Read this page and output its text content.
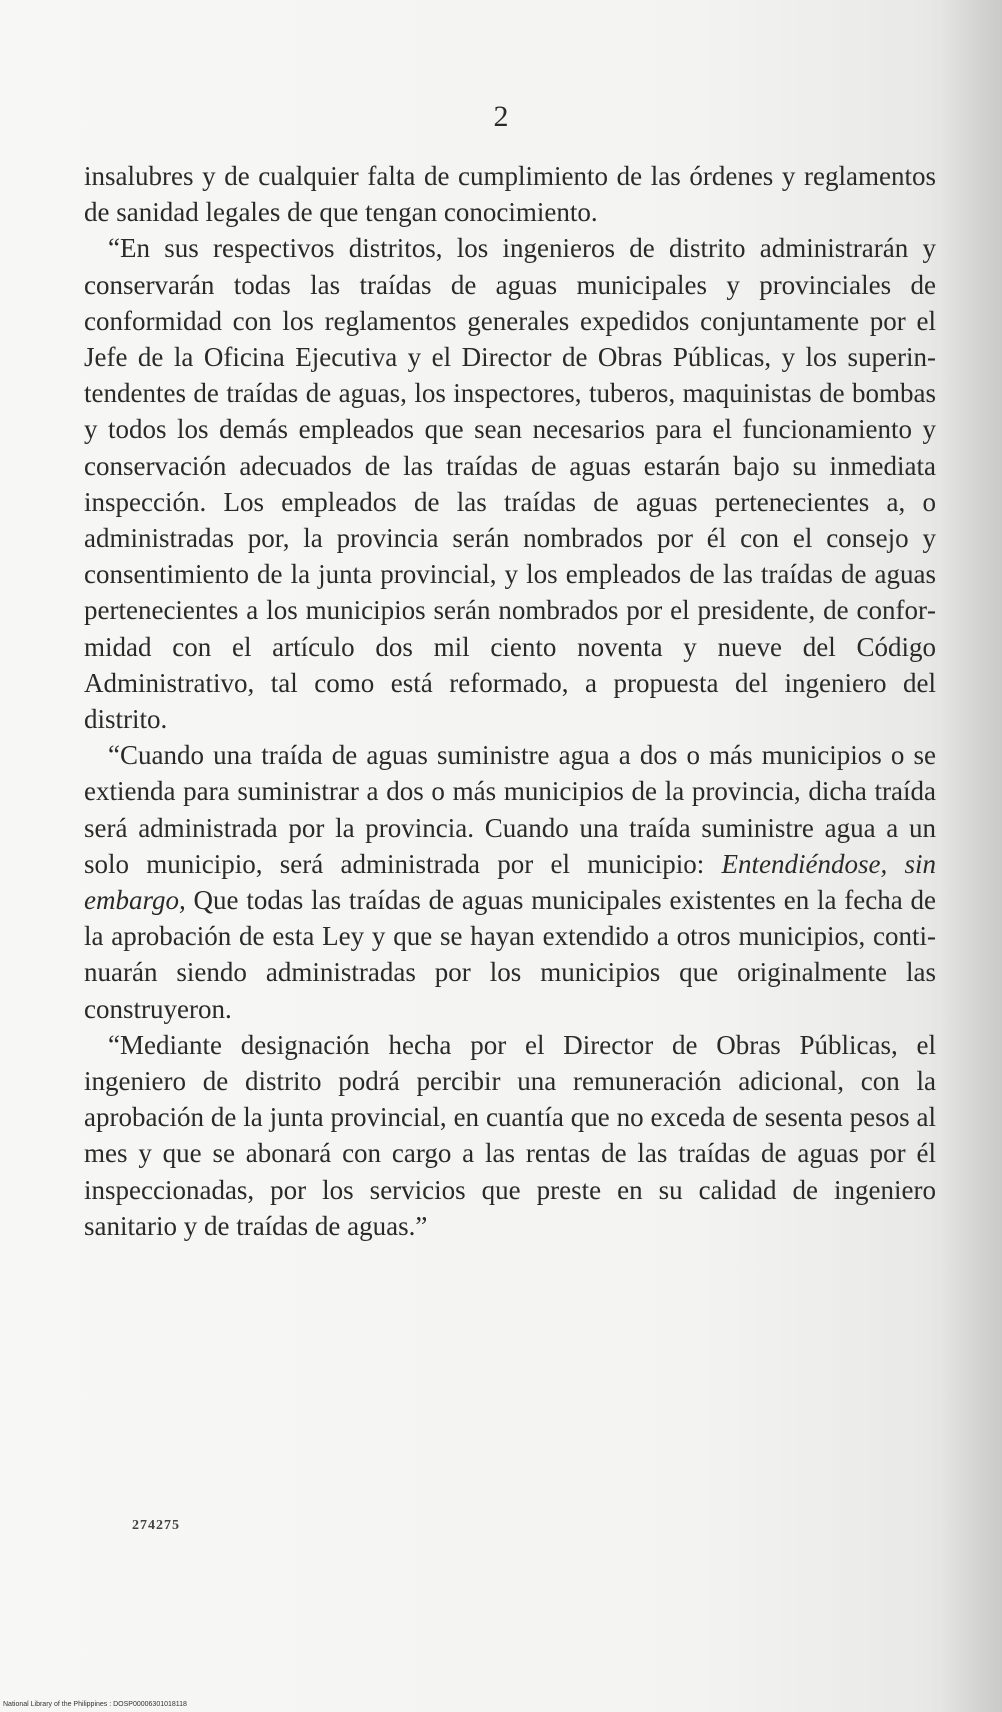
2

insalubres y de cualquier falta de cumplimiento de las órdenes y reglamentos de sanidad legales de que tengan conocimiento.

“En sus respectivos distritos, los ingenieros de distrito administrarán y conservarán todas las traídas de aguas municipales y provinciales de conformidad con los reglamentos generales expedidos conjuntamente por el Jefe de la Oficina Ejecutiva y el Director de Obras Públicas, y los superintendentes de traídas de aguas, los inspectores, tuberos, maquinistas de bombas y todos los demás empleados que sean necesarios para el funcionamiento y conservación adecuados de las traídas de aguas estarán bajo su inmediata inspección. Los empleados de las traídas de aguas pertenecientes a, o administradas por, la provincia serán nombrados por él con el consejo y consentimiento de la junta provincial, y los empleados de las traídas de aguas pertenecientes a los municipios serán nombrados por el presidente, de conformidad con el artículo dos mil ciento noventa y nueve del Código Administrativo, tal como está reformado, a propuesta del ingeniero del distrito.

“Cuando una traída de aguas suministre agua a dos o más municipios o se extienda para suministrar a dos o más municipios de la provincia, dicha traída será administrada por la provincia. Cuando una traída suministre agua a un solo municipio, será administrada por el municipio: Entendiéndose, sin embargo, Que todas las traídas de aguas municipales existentes en la fecha de la aprobación de esta Ley y que se hayan extendido a otros municipios, continuarán siendo administradas por los municipios que originalmente las construyeron.

“Mediante designación hecha por el Director de Obras Públicas, el ingeniero de distrito podrá percibir una remuneración adicional, con la aprobación de la junta provincial, en cuantía que no exceda de sesenta pesos al mes y que se abonará con cargo a las rentas de las traídas de aguas por él inspeccionadas, por los servicios que preste en su calidad de ingeniero sanitario y de traídas de aguas.”

274275
National Library of the Philippines : DOSP00006301018118
